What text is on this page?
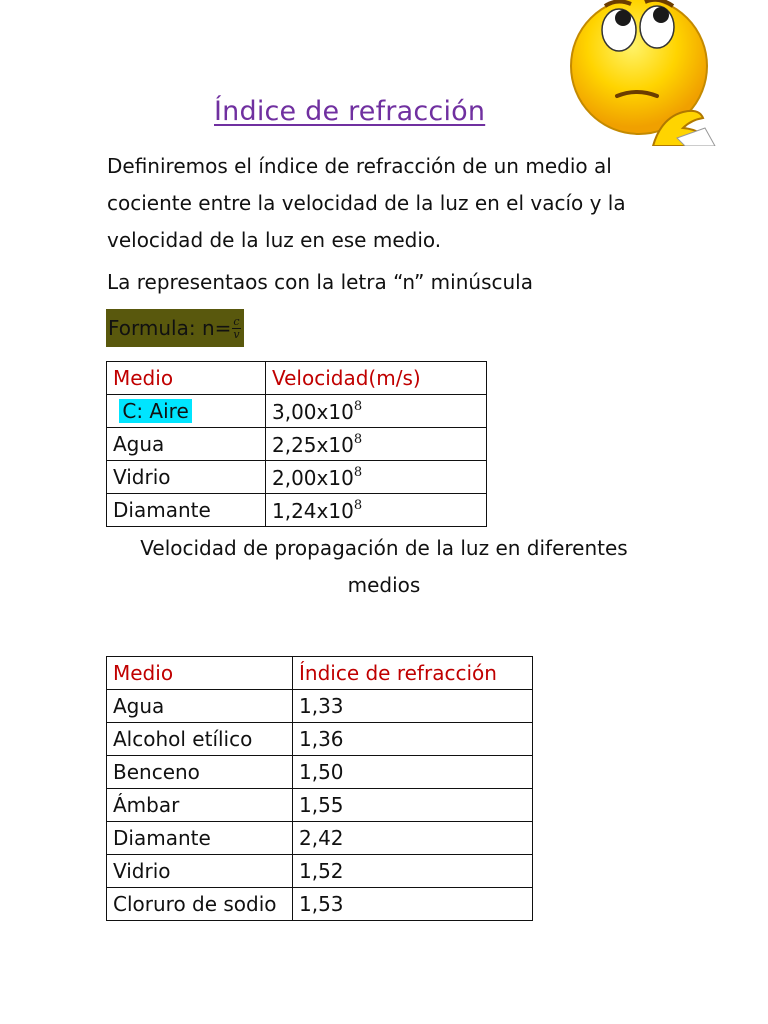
Índice de refracción
Definiremos el índice de refracción de un medio al cociente entre la velocidad de la luz en el vacío y la velocidad de la luz en ese medio.
La representaos con la letra “n” minúscula
Formula: $n= \frac{c}{v}$
Medio	Velocidad(m/s)
C: Aire	$3,00x10^8$
Agua	$2,25x10^8$
Vidrio	$2,00x10^8$
Diamante	$1,24x10^8$
Velocidad de propagación de la luz en diferentes medios
Medio	Índice de refracción
Agua	1,33
Alcohol etílico	1,36
Benceno	1,50
Ámbar	1,55
Diamante	2,42
Vidrio	1,52
Cloruro de sodio	1,53
